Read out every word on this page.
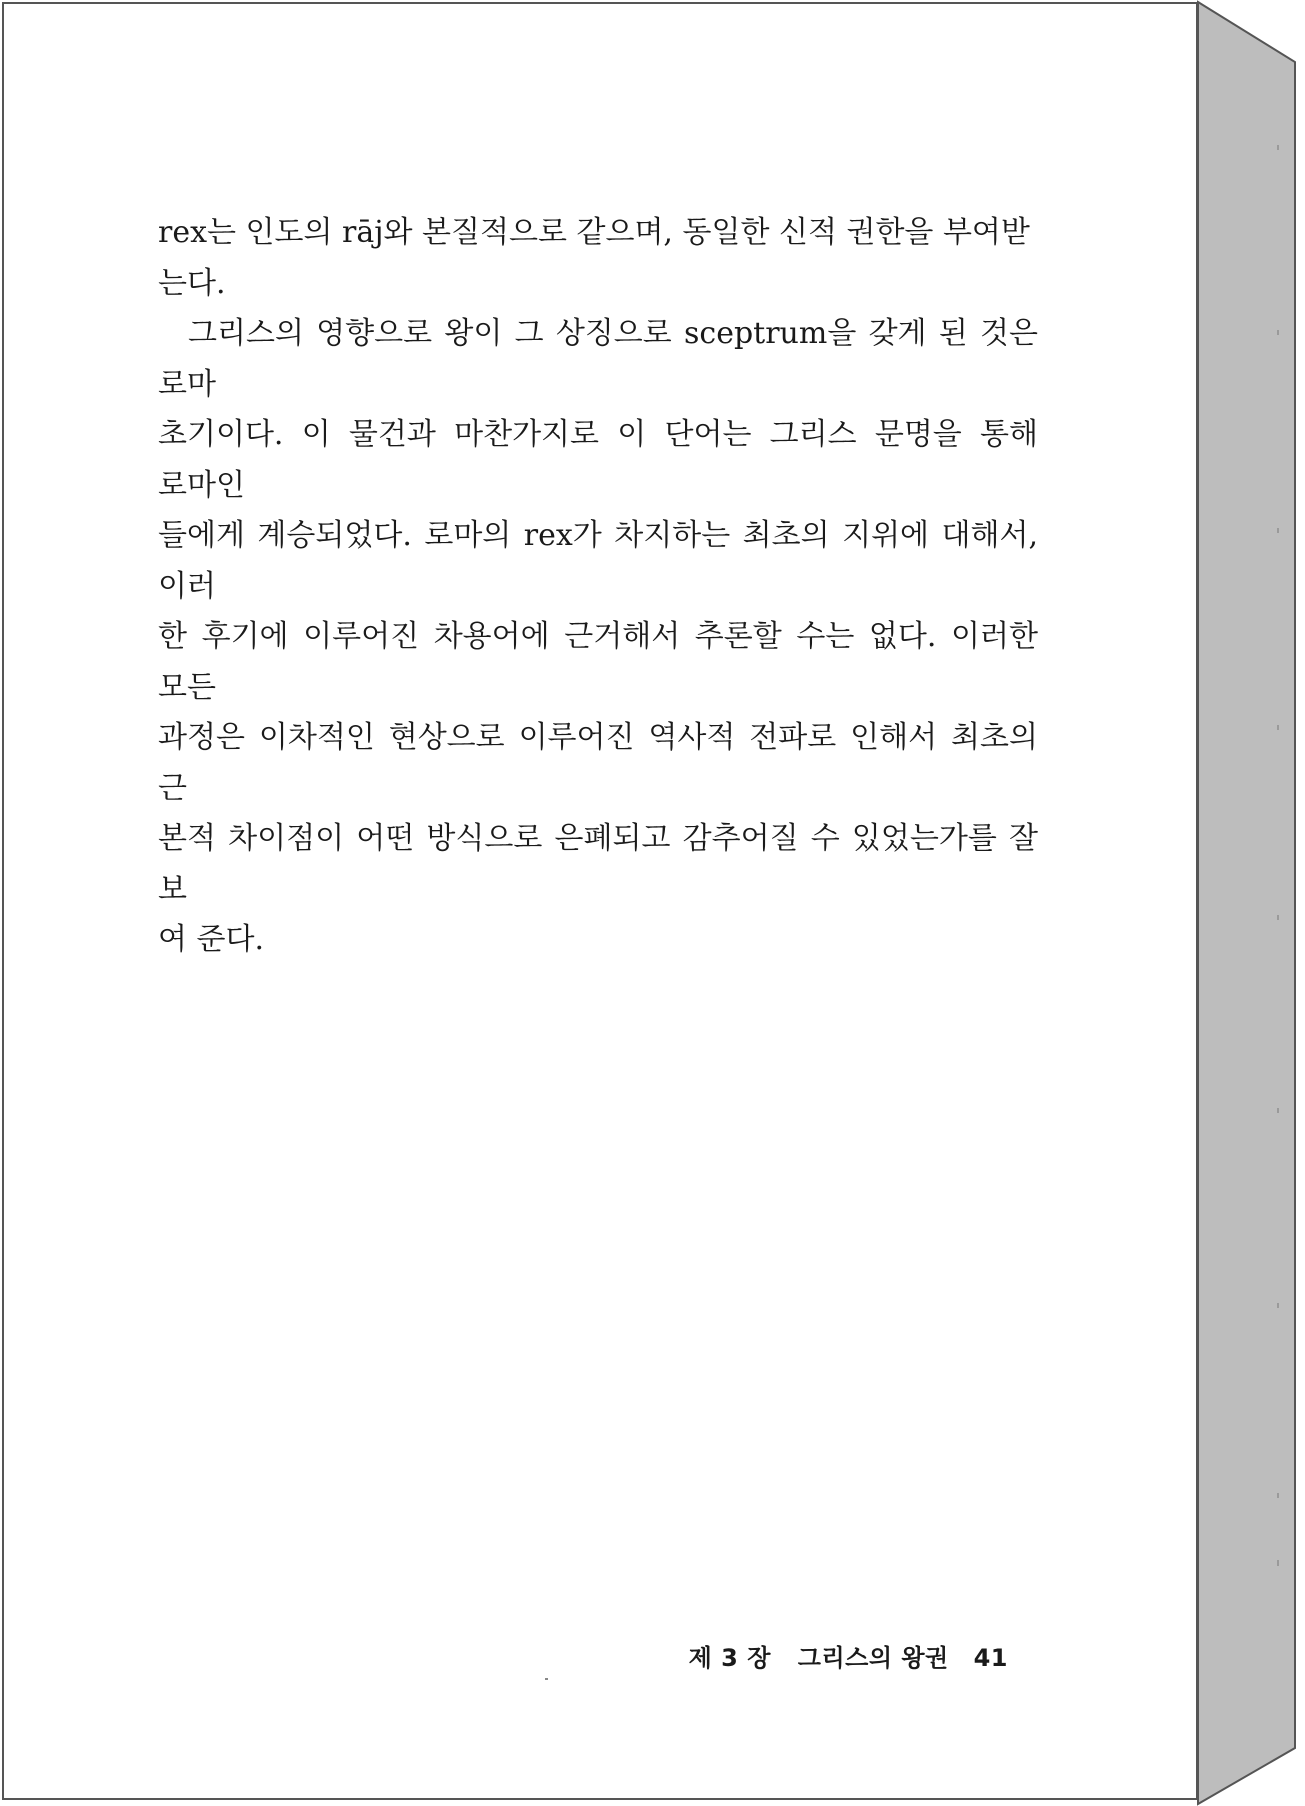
rex는 인도의 rāj와 본질적으로 같으며, 동일한 신적 권한을 부여받
는다.

그리스의 영향으로 왕이 그 상징으로 sceptrum을 갖게 된 것은 로마
초기이다. 이 물건과 마찬가지로 이 단어는 그리스 문명을 통해 로마인
들에게 계승되었다. 로마의 rex가 차지하는 최초의 지위에 대해서, 이러
한 후기에 이루어진 차용어에 근거해서 추론할 수는 없다. 이러한 모든
과정은 이차적인 현상으로 이루어진 역사적 전파로 인해서 최초의 근
본적 차이점이 어떤 방식으로 은폐되고 감추어질 수 있었는가를 잘 보
여 준다.

제 3 장 그리스의 왕권 41
